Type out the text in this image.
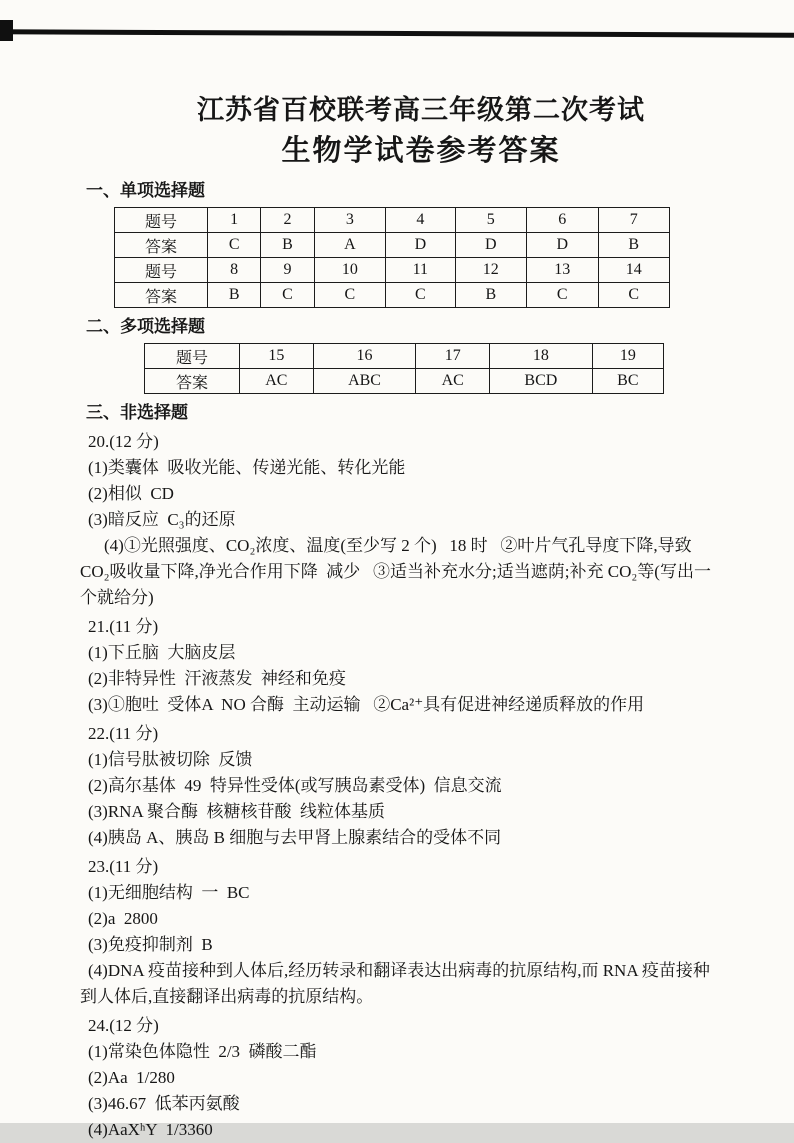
江苏省百校联考高三年级第二次考试
生物学试卷参考答案
一、单项选择题
题号	1	2	3	4	5	6	7
答案	C	B	A	D	D	D	B
题号	8	9	10	11	12	13	14
答案	B	C	C	C	B	C	C
二、多项选择题
题号	15	16	17	18	19
答案	AC	ABC	AC	BCD	BC
三、非选择题

20.(12 分)

(1)类囊体  吸收光能、传递光能、转化光能

(2)相似  CD

(3)暗反应  C₃的还原

(4)①光照强度、CO₂浓度、温度(至少写 2 个)   18 时   ②叶片气孔导度下降,导致 CO₂吸收量下降,净光合作用下降  减少   ③适当补充水分;适当遮荫;补充 CO₂等(写出一个就给分)

21.(11 分)

(1)下丘脑  大脑皮层

(2)非特异性  汗液蒸发  神经和免疫

(3)①胞吐  受体A  NO 合酶  主动运输   ②Ca²⁺具有促进神经递质释放的作用

22.(11 分)

(1)信号肽被切除  反馈

(2)高尔基体  49  特异性受体(或写胰岛素受体)  信息交流

(3)RNA 聚合酶  核糖核苷酸  线粒体基质

(4)胰岛 A、胰岛 B 细胞与去甲肾上腺素结合的受体不同

23.(11 分)

(1)无细胞结构  一  BC

(2)a  2800

(3)免疫抑制剂  B

(4)DNA 疫苗接种到人体后,经历转录和翻译表达出病毒的抗原结构,而 RNA 疫苗接种到人体后,直接翻译出病毒的抗原结构。

24.(12 分)

(1)常染色体隐性  2/3  磷酸二酯

(2)Aa  1/280

(3)46.67  低苯丙氨酸

(4)AaXʰY  1/3360
